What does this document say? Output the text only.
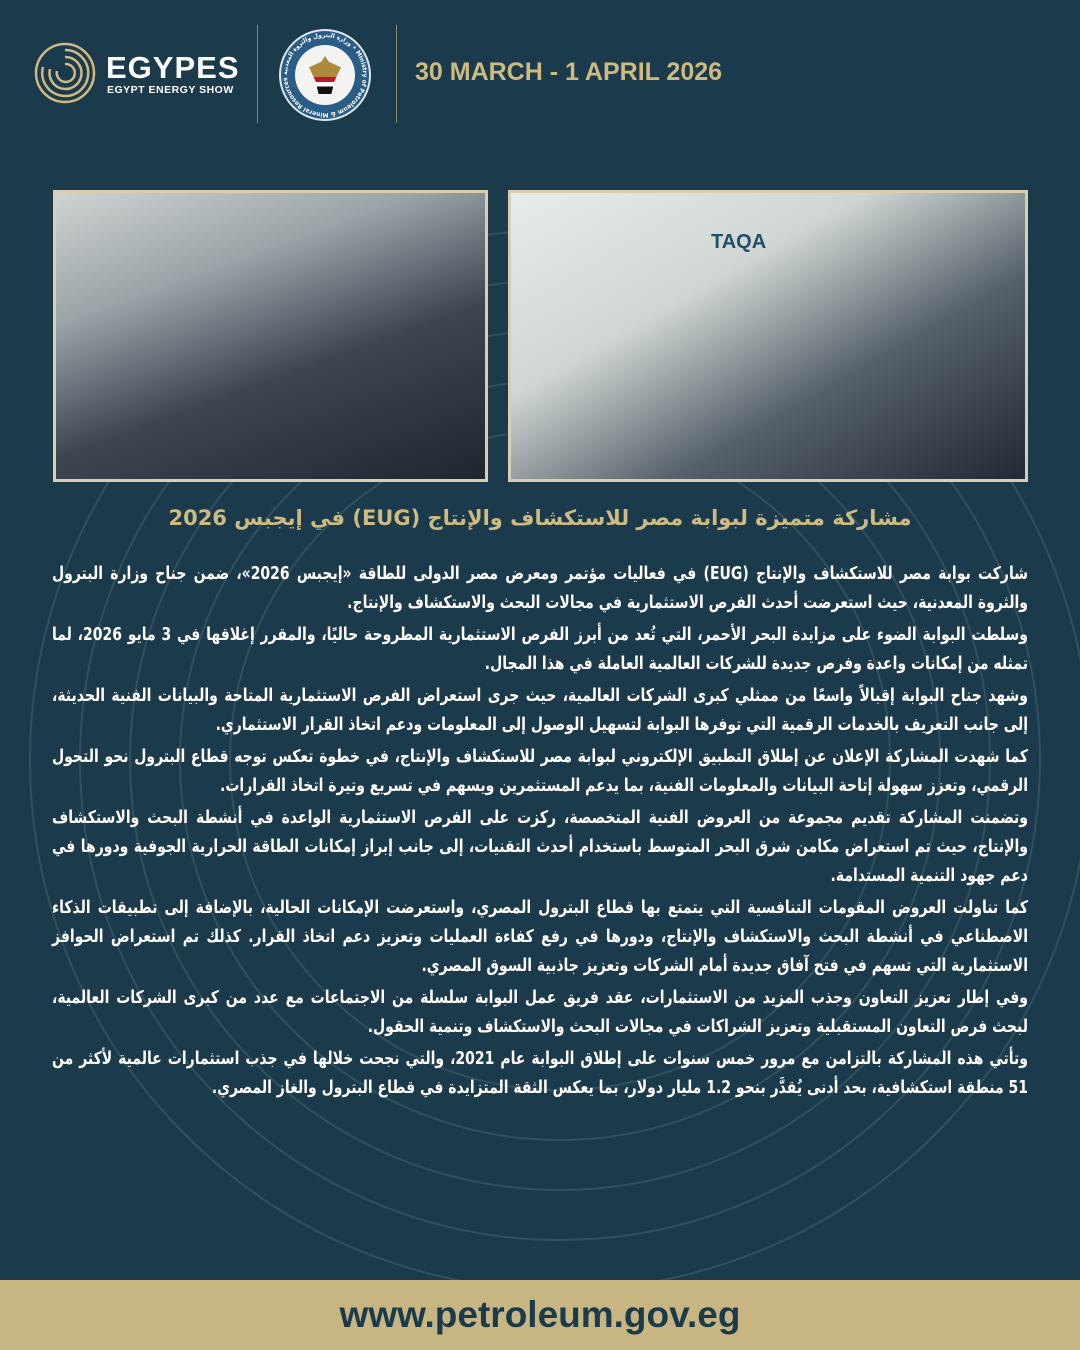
EGYPES
EGYPT ENERGY SHOW
وزارة البترول والثروة المعدنية • Ministry of Petroleum & Mineral Resources	30 MARCH - 1 APRIL 2026
TAQA
مشاركة متميزة لبوابة مصر للاستكشاف والإنتاج (EUG) في إيجبس 2026

شاركت بوابة مصر للاستكشاف والإنتاج (EUG) في فعاليات مؤتمر ومعرض مصر الدولى للطاقة «إيجبس 2026»، ضمن جناح وزارة البترول والثروة المعدنية، حيث استعرضت أحدث الفرص الاستثمارية في مجالات البحث والاستكشاف والإنتاج.

وسلطت البوابة الضوء على مزايدة البحر الأحمر، التي تُعد من أبرز الفرص الاستثمارية المطروحة حاليًا، والمقرر إغلاقها في 3 مايو 2026، لما تمثله من إمكانات واعدة وفرص جديدة للشركات العالمية العاملة في هذا المجال.

وشهد جناح البوابة إقبالاً واسعًا من ممثلي كبرى الشركات العالمية، حيث جرى استعراض الفرص الاستثمارية المتاحة والبيانات الفنية الحديثة، إلى جانب التعريف بالخدمات الرقمية التي توفرها البوابة لتسهيل الوصول إلى المعلومات ودعم اتخاذ القرار الاستثماري.

كما شهدت المشاركة الإعلان عن إطلاق التطبيق الإلكتروني لبوابة مصر للاستكشاف والإنتاج، في خطوة تعكس توجه قطاع البترول نحو التحول الرقمي، وتعزز سهولة إتاحة البيانات والمعلومات الفنية، بما يدعم المستثمرين ويسهم في تسريع وتيرة اتخاذ القرارات.

وتضمنت المشاركة تقديم مجموعة من العروض الفنية المتخصصة، ركزت على الفرص الاستثمارية الواعدة في أنشطة البحث والاستكشاف والإنتاج، حيث تم استعراض مكامن شرق البحر المتوسط باستخدام أحدث التقنيات، إلى جانب إبراز إمكانات الطاقة الحرارية الجوفية ودورها في دعم جهود التنمية المستدامة.

كما تناولت العروض المقومات التنافسية التي يتمتع بها قطاع البترول المصري، واستعرضت الإمكانات الحالية، بالإضافة إلى تطبيقات الذكاء الاصطناعي في أنشطة البحث والاستكشاف والإنتاج، ودورها في رفع كفاءة العمليات وتعزيز دعم اتخاذ القرار. كذلك تم استعراض الحوافز الاستثمارية التي تسهم في فتح آفاق جديدة أمام الشركات وتعزيز جاذبية السوق المصري.

وفي إطار تعزيز التعاون وجذب المزيد من الاستثمارات، عقد فريق عمل البوابة سلسلة من الاجتماعات مع عدد من كبرى الشركات العالمية، لبحث فرص التعاون المستقبلية وتعزيز الشراكات في مجالات البحث والاستكشاف وتنمية الحقول.

وتأتي هذه المشاركة بالتزامن مع مرور خمس سنوات على إطلاق البوابة عام 2021، والتي نجحت خلالها في جذب استثمارات عالمية لأكثر من 51 منطقة استكشافية، بحد أدنى يُقدَّر بنحو 1.2 مليار دولار، بما يعكس الثقة المتزايدة في قطاع البترول والغاز المصري.

www.petroleum.gov.eg
